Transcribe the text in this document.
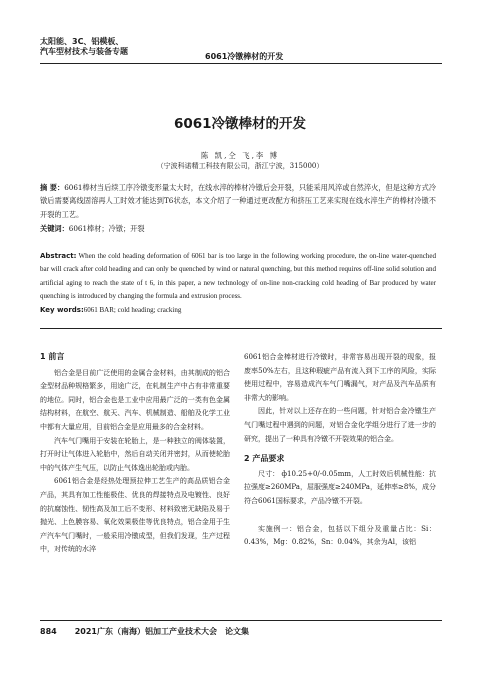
太阳能、3C、铝模板、
汽车型材技术与装备专题
6061冷镦棒材的开发
6061冷镦棒材的开发
陈 凯,仝 飞,李 博
（宁波科诺精工科技有限公司，浙江宁波，315000）
摘 要：6061棒材当后续工序冷镦变形量太大时，在线水淬的棒材冷镦后会开裂，只能采用风淬或自然淬火，但是这种方式冷镦后需要离线固溶再人工时效才能达到T6状态，本文介绍了一种通过更改配方和挤压工艺来实现在线水淬生产的棒材冷镦不开裂的工艺。
关键词：6061棒材；冷镦；开裂
Abstract: When the cold heading deformation of 6061 bar is too large in the following working procedure, the on-line water-quenched bar will crack after cold heading and can only be quenched by wind or natural quenching, but this method requires off-line solid solution and artificial aging to reach the state of t 6, in this paper, a new technology of on-line non-cracking cold heading of Bar produced by water quenching is introduced by changing the formula and extrusion process.
Key words:6061 BAR; cold heading; cracking
1 前言

铝合金是目前广泛使用的金属合金材料，由其制成的铝合金型材品种规格繁多，用途广泛，在轧制生产中占有非常重要的地位。同时，铝合金也是工业中应用最广泛的一类有色金属结构材料，在航空、航天、汽车、机械制造、船舶及化学工业中都有大量应用，目前铝合金是应用最多的合金材料。

汽车气门嘴用于安装在轮胎上，是一种独立的阀体装置，打开时让气体进入轮胎中，然后自动关闭并密封，从而使轮胎中的气体产生气压，以防止气体逸出轮胎或内胎。

6061铝合金是经热处理预拉伸工艺生产的高品质铝合金产品，其具有加工性能极佳、优良的焊接特点及电镀性、良好的抗腐蚀性、韧性高及加工后不变形、材料致密无缺陷及易于抛光、上色膜容易、氧化效果极佳等优良特点，铝合金用于生产汽车气门嘴时，一般采用冷镦成型，但我们发现，生产过程中，对传统的水淬

6061铝合金棒材进行冷镦时，非常容易出现开裂的现象，报废率50%左右，且这种瑕疵产品有流入到下工序的风险，实际使用过程中，容易造成汽车气门嘴漏气，对产品及汽车品质有非常大的影响。

因此，针对以上还存在的一些问题，针对铝合金冷镦生产气门嘴过程中遇到的问题，对铝合金化学组分进行了进一步的研究，提出了一种具有冷镦不开裂效果的铝合金。

2 产品要求

尺寸： ф10.25+0/-0.05mm，人工时效后机械性能：抗拉强度≥260MPa，屈服强度≥240MPa，延伸率≥8%，成分符合6061国标要求，产品冷镦不开裂。

实施例一：铝合金，包括以下组分及重量占比：Si：0.43%，Mg：0.82%，Sn：0.04%，其余为Al，该铝

884 2021广东（南海）铝加工产业技术大会　论文集
